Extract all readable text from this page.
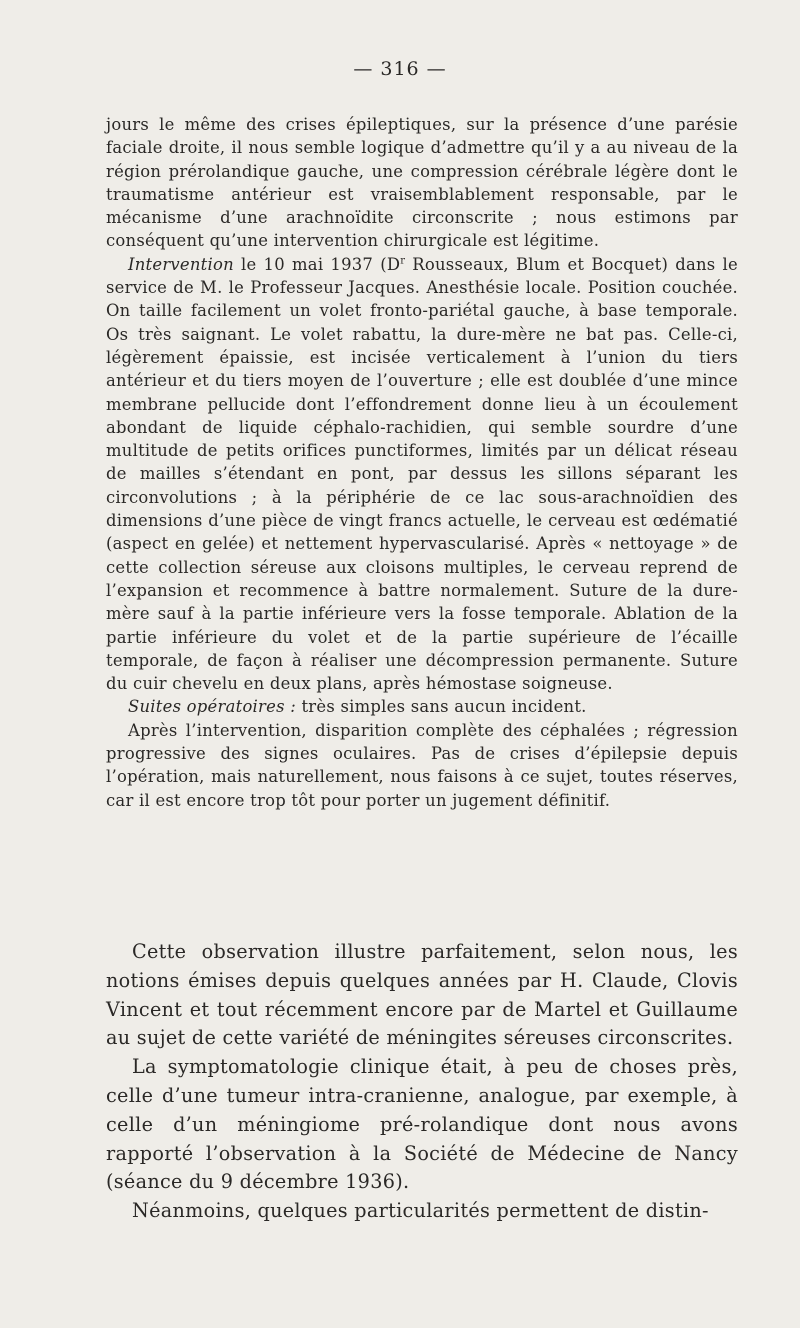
— 316 —

jours le même des crises épileptiques, sur la présence d’une parésie faciale droite, il nous semble logique d’admettre qu’il y a au niveau de la région prérolandique gauche, une compression cérébrale légère dont le traumatisme antérieur est vraisemblablement responsable, par le mécanisme d’une arachnoïdite circonscrite ; nous estimons par conséquent qu’une intervention chirurgicale est légitime.

Intervention le 10 mai 1937 ($D^r$ Rousseaux, Blum et Bocquet) dans le service de M. le Professeur Jacques. Anesthésie locale. Position couchée. On taille facilement un volet fronto-pariétal gauche, à base temporale. Os très saignant. Le volet rabattu, la dure-mère ne bat pas. Celle-ci, légèrement épaissie, est incisée verticalement à l’union du tiers antérieur et du tiers moyen de l’ouverture ; elle est doublée d’une mince membrane pellucide dont l’effondrement donne lieu à un écoulement abondant de liquide céphalo-rachidien, qui semble sourdre d’une multitude de petits orifices punctiformes, limités par un délicat réseau de mailles s’étendant en pont, par dessus les sillons séparant les circonvolutions ; à la périphérie de ce lac sous-arachnoïdien des dimensions d’une pièce de vingt francs actuelle, le cerveau est œdématié (aspect en gelée) et nettement hypervascularisé. Après « nettoyage » de cette collection séreuse aux cloisons multiples, le cerveau reprend de l’expansion et recommence à battre normalement. Suture de la dure-mère sauf à la partie inférieure vers la fosse temporale. Ablation de la partie inférieure du volet et de la partie supérieure de l’écaille temporale, de façon à réaliser une décompression permanente. Suture du cuir chevelu en deux plans, après hémostase soigneuse.

Suites opératoires : très simples sans aucun incident.

Après l’intervention, disparition complète des céphalées ; régression progressive des signes oculaires. Pas de crises d’épilepsie depuis l’opération, mais naturellement, nous faisons à ce sujet, toutes réserves, car il est encore trop tôt pour porter un jugement définitif.

Cette observation illustre parfaitement, selon nous, les notions émises depuis quelques années par H. Claude, Clovis Vincent et tout récemment encore par de Martel et Guillaume au sujet de cette variété de méningites séreuses circonscrites.

La symptomatologie clinique était, à peu de choses près, celle d’une tumeur intra-cranienne, analogue, par exemple, à celle d’un méningiome pré-rolandique dont nous avons rapporté l’observation à la Société de Médecine de Nancy (séance du 9 décembre 1936).

Néanmoins, quelques particularités permettent de distin-
